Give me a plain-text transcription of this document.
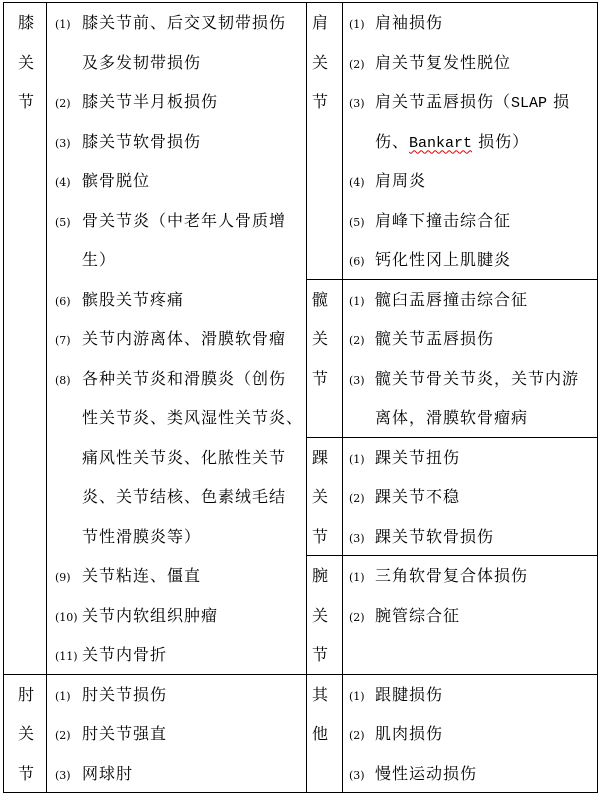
膝关节
(1) 膝关节前、后交叉韧带损伤
及多发韧带损伤
(2) 膝关节半月板损伤
(3) 膝关节软骨损伤
(4) 髌骨脱位
(5) 骨关节炎（中老年人骨质增
生）
(6) 髌股关节疼痛
(7) 关节内游离体、滑膜软骨瘤
(8) 各种关节炎和滑膜炎（创伤
性关节炎、类风湿性关节炎、
痛风性关节炎、化脓性关节
炎、关节结核、色素绒毛结
节性滑膜炎等）
(9) 关节粘连、僵直
(10) 关节内软组织肿瘤
(11) 关节内骨折
肘关节
(1) 肘关节损伤
(2) 肘关节强直
(3) 网球肘
肩关节
(1) 肩袖损伤
(2) 肩关节复发性脱位
(3) 肩关节盂唇损伤（SLAP 损
伤、Bankart 损伤）
(4) 肩周炎
(5) 肩峰下撞击综合征
(6) 钙化性冈上肌腱炎
髋关节
(1) 髋臼盂唇撞击综合征
(2) 髋关节盂唇损伤
(3) 髋关节骨关节炎，关节内游
离体，滑膜软骨瘤病
踝关节
(1) 踝关节扭伤
(2) 踝关节不稳
(3) 踝关节软骨损伤
腕关节
(1) 三角软骨复合体损伤
(2) 腕管综合征
其他
(1) 跟腱损伤
(2) 肌肉损伤
(3) 慢性运动损伤
